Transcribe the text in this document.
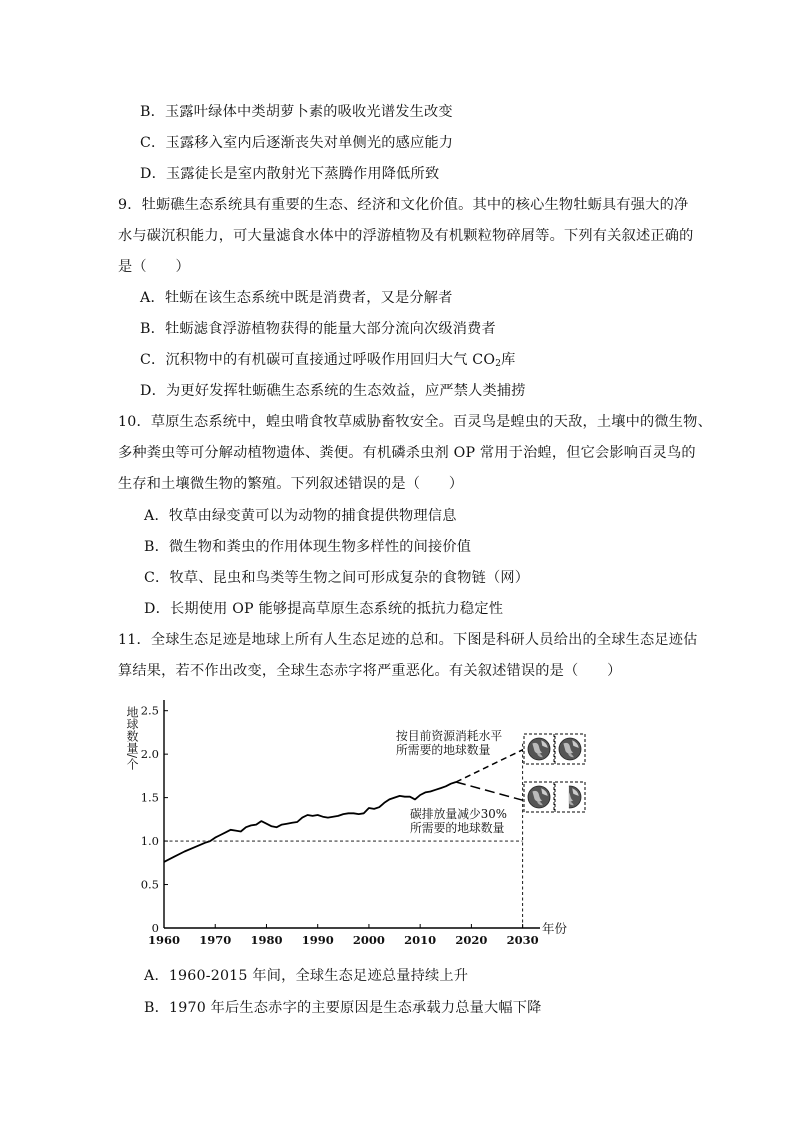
B．玉露叶绿体中类胡萝卜素的吸收光谱发生改变
C．玉露移入室内后逐渐丧失对单侧光的感应能力
D．玉露徒长是室内散射光下蒸腾作用降低所致
9．牡蛎礁生态系统具有重要的生态、经济和文化价值。其中的核心生物牡蛎具有强大的净
水与碳沉积能力，可大量滤食水体中的浮游植物及有机颗粒物碎屑等。下列有关叙述正确的
是（　　）
A．牡蛎在该生态系统中既是消费者，又是分解者
B．牡蛎滤食浮游植物获得的能量大部分流向次级消费者
C．沉积物中的有机碳可直接通过呼吸作用回归大气 $CO_2$库
D．为更好发挥牡蛎礁生态系统的生态效益，应严禁人类捕捞
10．草原生态系统中，蝗虫啃食牧草威胁畜牧安全。百灵鸟是蝗虫的天敌，土壤中的微生物、
多种粪虫等可分解动植物遗体、粪便。有机磷杀虫剂 OP 常用于治蝗，但它会影响百灵鸟的
生存和土壤微生物的繁殖。下列叙述错误的是（　　）
A．牧草由绿变黄可以为动物的捕食提供物理信息
B．微生物和粪虫的作用体现生物多样性的间接价值
C．牧草、昆虫和鸟类等生物之间可形成复杂的食物链（网）
D．长期使用 OP 能够提高草原生态系统的抵抗力稳定性
11．全球生态足迹是地球上所有人生态足迹的总和。下图是科研人员给出的全球生态足迹估
算结果，若不作出改变，全球生态赤字将严重恶化。有关叙述错误的是（　　）
0
0.5
1.0
1.5
2.0
2.5
1960 1970 1980 1990 2000 2010 2020 2030
地球数量/个
年份
按目前资源消耗水平
所需要的地球数量
碳排放量减少30%
所需要的地球数量
A．1960-2015 年间，全球生态足迹总量持续上升
B．1970 年后生态赤字的主要原因是生态承载力总量大幅下降
